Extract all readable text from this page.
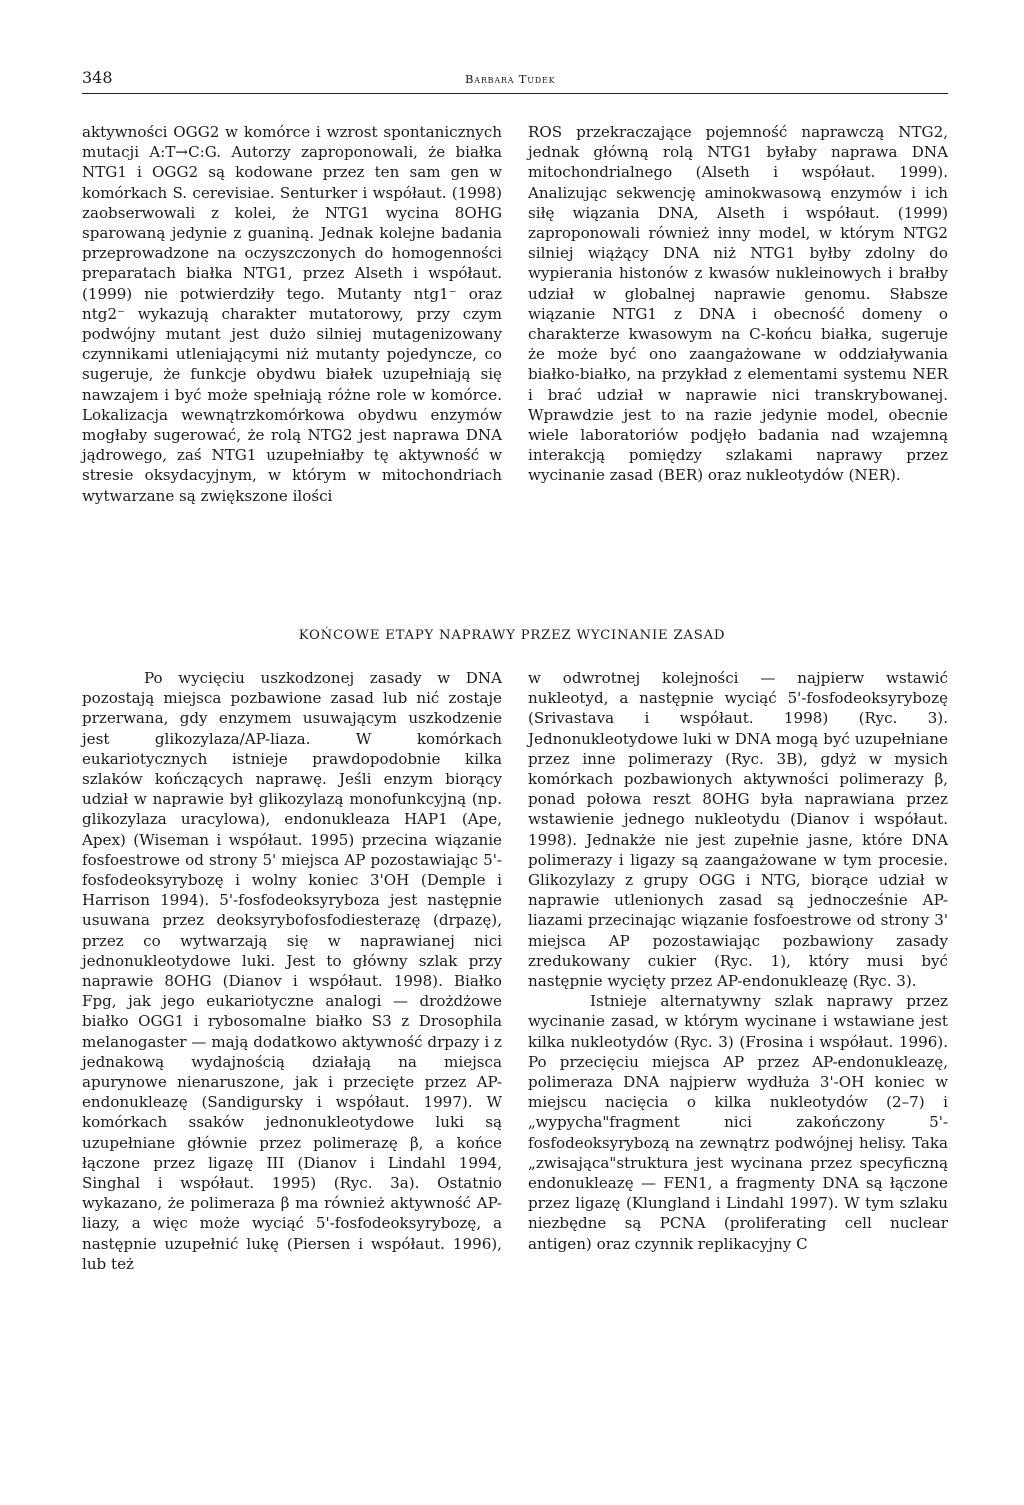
348	Barbara Tudek

aktywności OGG2 w komórce i wzrost spontanicznych mutacji A:T→C:G. Autorzy zaproponowali, że białka NTG1 i OGG2 są kodowane przez ten sam gen w komórkach S. cerevisiae. Senturker i współaut. (1998) zaobserwowali z kolei, że NTG1 wycina 8OHG sparowaną jedynie z guaniną. Jednak kolejne badania przeprowadzone na oczyszczonych do homogenności preparatach białka NTG1, przez Alseth i współaut. (1999) nie potwierdziły tego. Mutanty ntg1⁻ oraz ntg2⁻ wykazują charakter mutatorowy, przy czym podwójny mutant jest dużo silniej mutagenizowany czynnikami utleniającymi niż mutanty pojedyncze, co sugeruje, że funkcje obydwu białek uzupełniają się nawzajem i być może spełniają różne role w komórce. Lokalizacja wewnątrzkomórkowa obydwu enzymów mogłaby sugerować, że rolą NTG2 jest naprawa DNA jądrowego, zaś NTG1 uzupełniałby tę aktywność w stresie oksydacyjnym, w którym w mitochondriach wytwarzane są zwiększone ilości

ROS przekraczające pojemność naprawczą NTG2, jednak główną rolą NTG1 byłaby naprawa DNA mitochondrialnego (Alseth i współaut. 1999). Analizując sekwencję aminokwasową enzymów i ich siłę wiązania DNA, Alseth i współaut. (1999) zaproponowali również inny model, w którym NTG2 silniej wiążący DNA niż NTG1 byłby zdolny do wypierania histonów z kwasów nukleinowych i brałby udział w globalnej naprawie genomu. Słabsze wiązanie NTG1 z DNA i obecność domeny o charakterze kwasowym na C-końcu białka, sugeruje że może być ono zaangażowane w oddziaływania białko-białko, na przykład z elementami systemu NER i brać udział w naprawie nici transkrybowanej. Wprawdzie jest to na razie jedynie model, obecnie wiele laboratoriów podjęło badania nad wzajemną interakcją pomiędzy szlakami naprawy przez wycinanie zasad (BER) oraz nukleotydów (NER).

KOŃCOWE ETAPY NAPRAWY PRZEZ WYCINANIE ZASAD

Po wycięciu uszkodzonej zasady w DNA pozostają miejsca pozbawione zasad lub nić zostaje przerwana, gdy enzymem usuwającym uszkodzenie jest glikozylaza/AP-liaza. W komórkach eukariotycznych istnieje prawdopodobnie kilka szlaków kończących naprawę. Jeśli enzym biorący udział w naprawie był glikozylazą monofunkcyjną (np. glikozylaza uracylowa), endonukleaza HAP1 (Ape, Apex) (Wiseman i współaut. 1995) przecina wiązanie fosfoestrowe od strony 5' miejsca AP pozostawiając 5'-fosfodeoksyrybozę i wolny koniec 3'OH (Demple i Harrison 1994). 5'-fosfodeoksyryboza jest następnie usuwana przez deoksyrybofosfodiesterazę (drpazę), przez co wytwarzają się w naprawianej nici jednonukleotydowe luki. Jest to główny szlak przy naprawie 8OHG (Dianov i współaut. 1998). Białko Fpg, jak jego eukariotyczne analogi — drożdżowe białko OGG1 i rybosomalne białko S3 z Drosophila melanogaster — mają dodatkowo aktywność drpazy i z jednakową wydajnością działają na miejsca apurynowe nienaruszone, jak i przecięte przez AP-endonukleazę (Sandigursky i współaut. 1997). W komórkach ssaków jednonukleotydowe luki są uzupełniane głównie przez polimerazę β, a końce łączone przez ligazę III (Dianov i Lindahl 1994, Singhal i współaut. 1995) (Ryc. 3a). Ostatnio wykazano, że polimeraza β ma również aktywność AP-liazy, a więc może wyciąć 5'-fosfodeoksyrybozę, a następnie uzupełnić lukę (Piersen i współaut. 1996), lub też

w odwrotnej kolejności — najpierw wstawić nukleotyd, a następnie wyciąć 5'-fosfodeoksyrybozę (Srivastava i współaut. 1998) (Ryc. 3). Jednonukleotydowe luki w DNA mogą być uzupełniane przez inne polimerazy (Ryc. 3B), gdyż w mysich komórkach pozbawionych aktywności polimerazy β, ponad połowa reszt 8OHG była naprawiana przez wstawienie jednego nukleotydu (Dianov i współaut. 1998). Jednakże nie jest zupełnie jasne, które DNA polimerazy i ligazy są zaangażowane w tym procesie. Glikozylazy z grupy OGG i NTG, biorące udział w naprawie utlenionych zasad są jednocześnie AP-liazami przecinając wiązanie fosfoestrowe od strony 3' miejsca AP pozostawiając pozbawiony zasady zredukowany cukier (Ryc. 1), który musi być następnie wycięty przez AP-endonukleazę (Ryc. 3).

Istnieje alternatywny szlak naprawy przez wycinanie zasad, w którym wycinane i wstawiane jest kilka nukleotydów (Ryc. 3) (Frosina i współaut. 1996). Po przecięciu miejsca AP przez AP-endonukleazę, polimeraza DNA najpierw wydłuża 3'-OH koniec w miejscu nacięcia o kilka nukleotydów (2–7) i „wypycha"fragment nici zakończony 5'-fosfodeoksyrybozą na zewnątrz podwójnej helisy. Taka „zwisająca"struktura jest wycinana przez specyficzną endonukleazę — FEN1, a fragmenty DNA są łączone przez ligazę (Klungland i Lindahl 1997). W tym szlaku niezbędne są PCNA (proliferating cell nuclear antigen) oraz czynnik replikacyjny C
